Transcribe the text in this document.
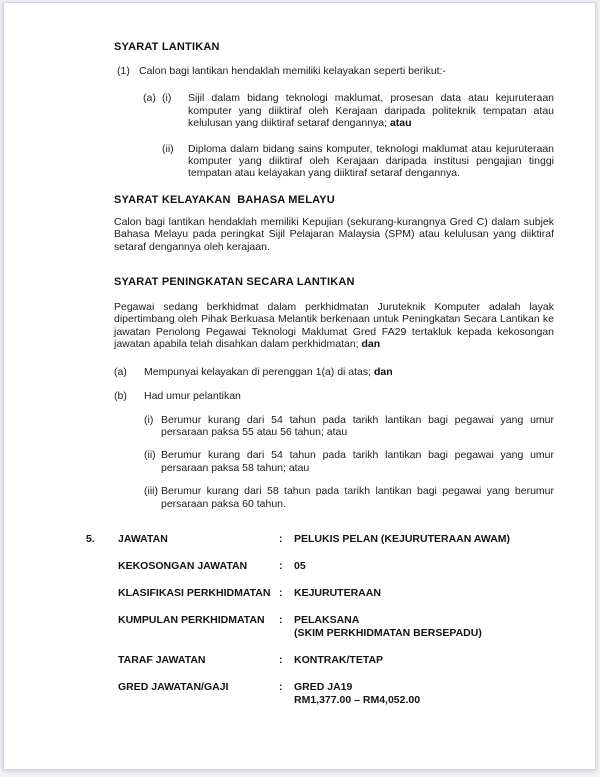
SYARAT LANTIKAN
(1) Calon bagi lantikan hendaklah memiliki kelayakan seperti berikut:-
(a) (i)	Sijil dalam bidang teknologi maklumat, prosesan data atau kejuruteraan komputer yang diiktiraf oleh Kerajaan daripada politeknik tempatan atau kelulusan yang diiktiraf setaraf dengannya; atau
(ii)	Diploma dalam bidang sains komputer, teknologi maklumat atau kejuruteraan komputer yang diiktiraf oleh Kerajaan daripada institusi pengajian tinggi tempatan atau kelayakan yang diiktiraf setaraf dengannya.
SYARAT KELAYAKAN  BAHASA MELAYU
Calon bagi lantikan hendaklah memiliki Kepujian (sekurang-kurangnya Gred C) dalam subjek Bahasa Melayu pada peringkat Sijil Pelajaran Malaysia (SPM) atau kelulusan yang diiktiraf setaraf dengannya oleh kerajaan.
SYARAT PENINGKATAN SECARA LANTIKAN
Pegawai sedang berkhidmat dalam perkhidmatan Juruteknik Komputer adalah layak dipertimbang oleh Pihak Berkuasa Melantik berkenaan untuk Peningkatan Secara Lantikan ke jawatan Penolong Pegawai Teknologi Maklumat Gred FA29 tertakluk kepada kekosongan jawatan apabila telah disahkan dalam perkhidmatan; dan
(a)	Mempunyai kelayakan di perenggan 1(a) di atas; dan
(b)	Had umur pelantikan
(i) Berumur kurang dari 54 tahun pada tarikh lantikan bagi pegawai yang umur persaraan paksa 55 atau 56 tahun; atau
(ii) Berumur kurang dari 54 tahun pada tarikh lantikan bagi pegawai yang umur persaraan paksa 58 tahun; atau
(iii) Berumur kurang dari 58 tahun pada tarikh lantikan bagi pegawai yang berumur persaraan paksa 60 tahun.
5.	JAWATAN	:	PELUKIS PELAN (KEJURUTERAAN AWAM)
KEKOSONGAN JAWATAN	:	05
KLASIFIKASI PERKHIDMATAN :	KEJURUTERAAN
KUMPULAN PERKHIDMATAN	:	PELAKSANA
(SKIM PERKHIDMATAN BERSEPADU)
TARAF JAWATAN	:	KONTRAK/TETAP
GRED JAWATAN/GAJI	:	GRED JA19
RM1,377.00 – RM4,052.00
